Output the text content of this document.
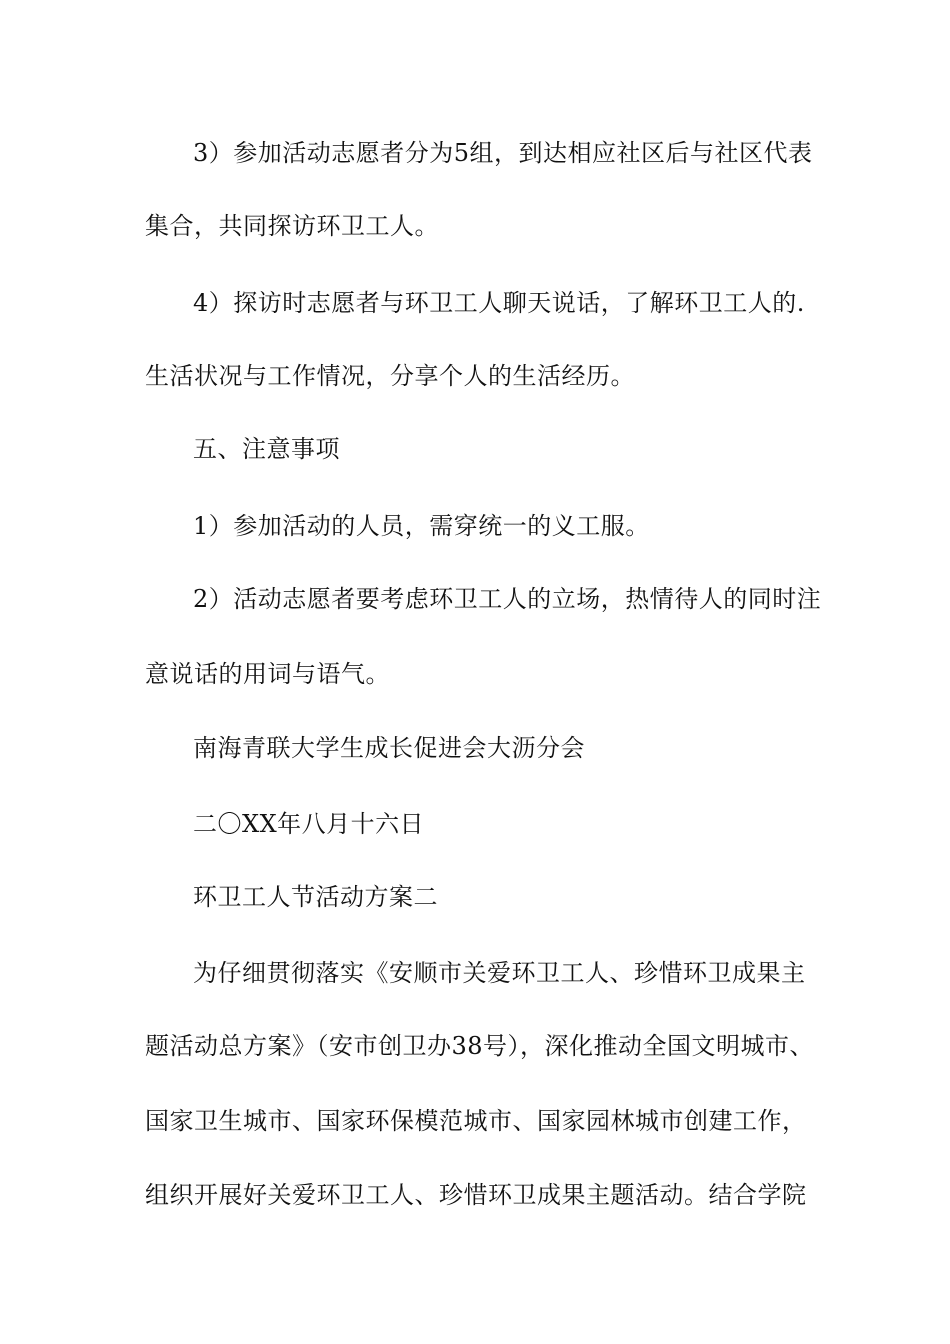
3）参加活动志愿者分为5组，到达相应社区后与社区代表
集合，共同探访环卫工人。
4）探访时志愿者与环卫工人聊天说话，了解环卫工人的.
生活状况与工作情况，分享个人的生活经历。
五、注意事项
1）参加活动的人员，需穿统一的义工服。
2）活动志愿者要考虑环卫工人的立场，热情待人的同时注
意说话的用词与语气。
南海青联大学生成长促进会大沥分会
二〇XX年八月十六日
环卫工人节活动方案二
为仔细贯彻落实《安顺市关爱环卫工人、珍惜环卫成果主
题活动总方案》（安市创卫办38号），深化推动全国文明城市、
国家卫生城市、国家环保模范城市、国家园林城市创建工作，
组织开展好关爱环卫工人、珍惜环卫成果主题活动。结合学院
